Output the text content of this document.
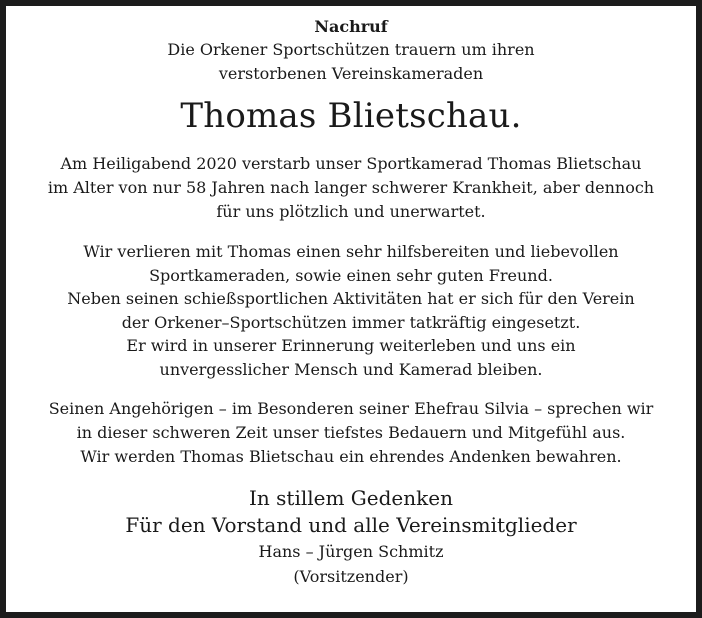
Nachruf
Die Orkener Sportschützen trauern um ihren
verstorbenen Vereinskameraden
Thomas Blietschau.
Am Heiligabend 2020 verstarb unser Sportkamerad Thomas Blietschau
im Alter von nur 58 Jahren nach langer schwerer Krankheit, aber dennoch
für uns plötzlich und unerwartet.
Wir verlieren mit Thomas einen sehr hilfsbereiten und liebevollen
Sportkameraden, sowie einen sehr guten Freund.
Neben seinen schießsportlichen Aktivitäten hat er sich für den Verein
der Orkener–Sportschützen immer tatkräftig eingesetzt.
Er wird in unserer Erinnerung weiterleben und uns ein
unvergesslicher Mensch und Kamerad bleiben.
Seinen Angehörigen – im Besonderen seiner Ehefrau Silvia – sprechen wir
in dieser schweren Zeit unser tiefstes Bedauern und Mitgefühl aus.
Wir werden Thomas Blietschau ein ehrendes Andenken bewahren.
In stillem Gedenken
Für den Vorstand und alle Vereinsmitglieder
Hans – Jürgen Schmitz
(Vorsitzender)
